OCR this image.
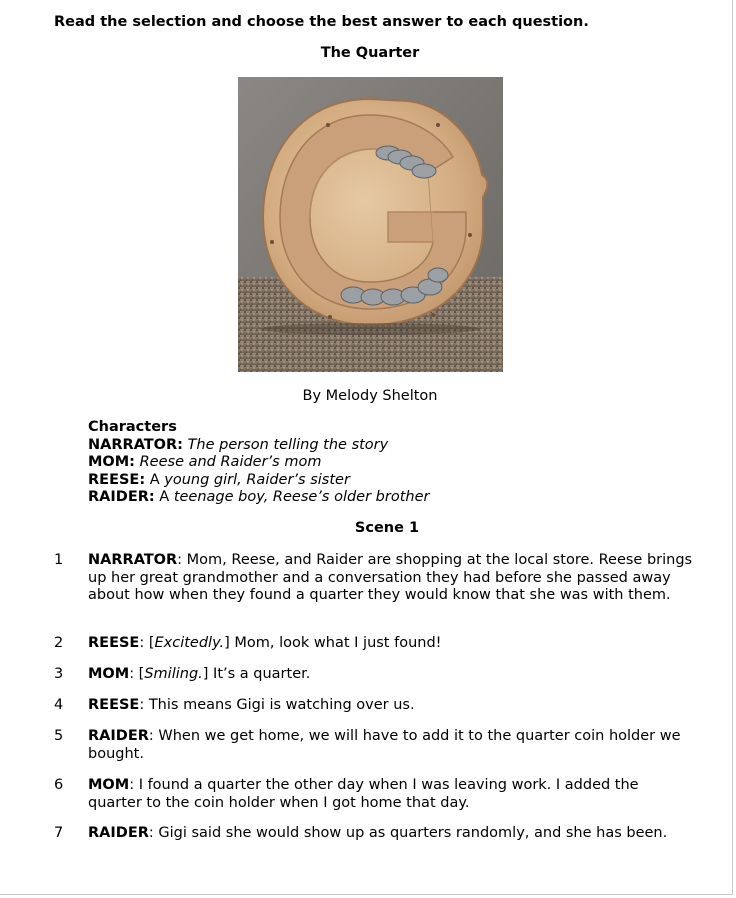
Read the selection and choose the best answer to each question.

The Quarter

By Melody Shelton

Characters
NARRATOR: The person telling the story
MOM: Reese and Raider’s mom
REESE: A young girl, Raider’s sister
RAIDER: A teenage boy, Reese’s older brother

Scene 1

1	NARRATOR: Mom, Reese, and Raider are shopping at the local store. Reese brings up her great grandmother and a conversation they had before she passed away about how when they found a quarter they would know that she was with them.
2	REESE: [Excitedly.] Mom, look what I just found!
3	MOM: [Smiling.] It’s a quarter.
4	REESE: This means Gigi is watching over us.
5	RAIDER: When we get home, we will have to add it to the quarter coin holder we bought.
6	MOM: I found a quarter the other day when I was leaving work. I added the quarter to the coin holder when I got home that day.
7	RAIDER: Gigi said she would show up as quarters randomly, and she has been.
